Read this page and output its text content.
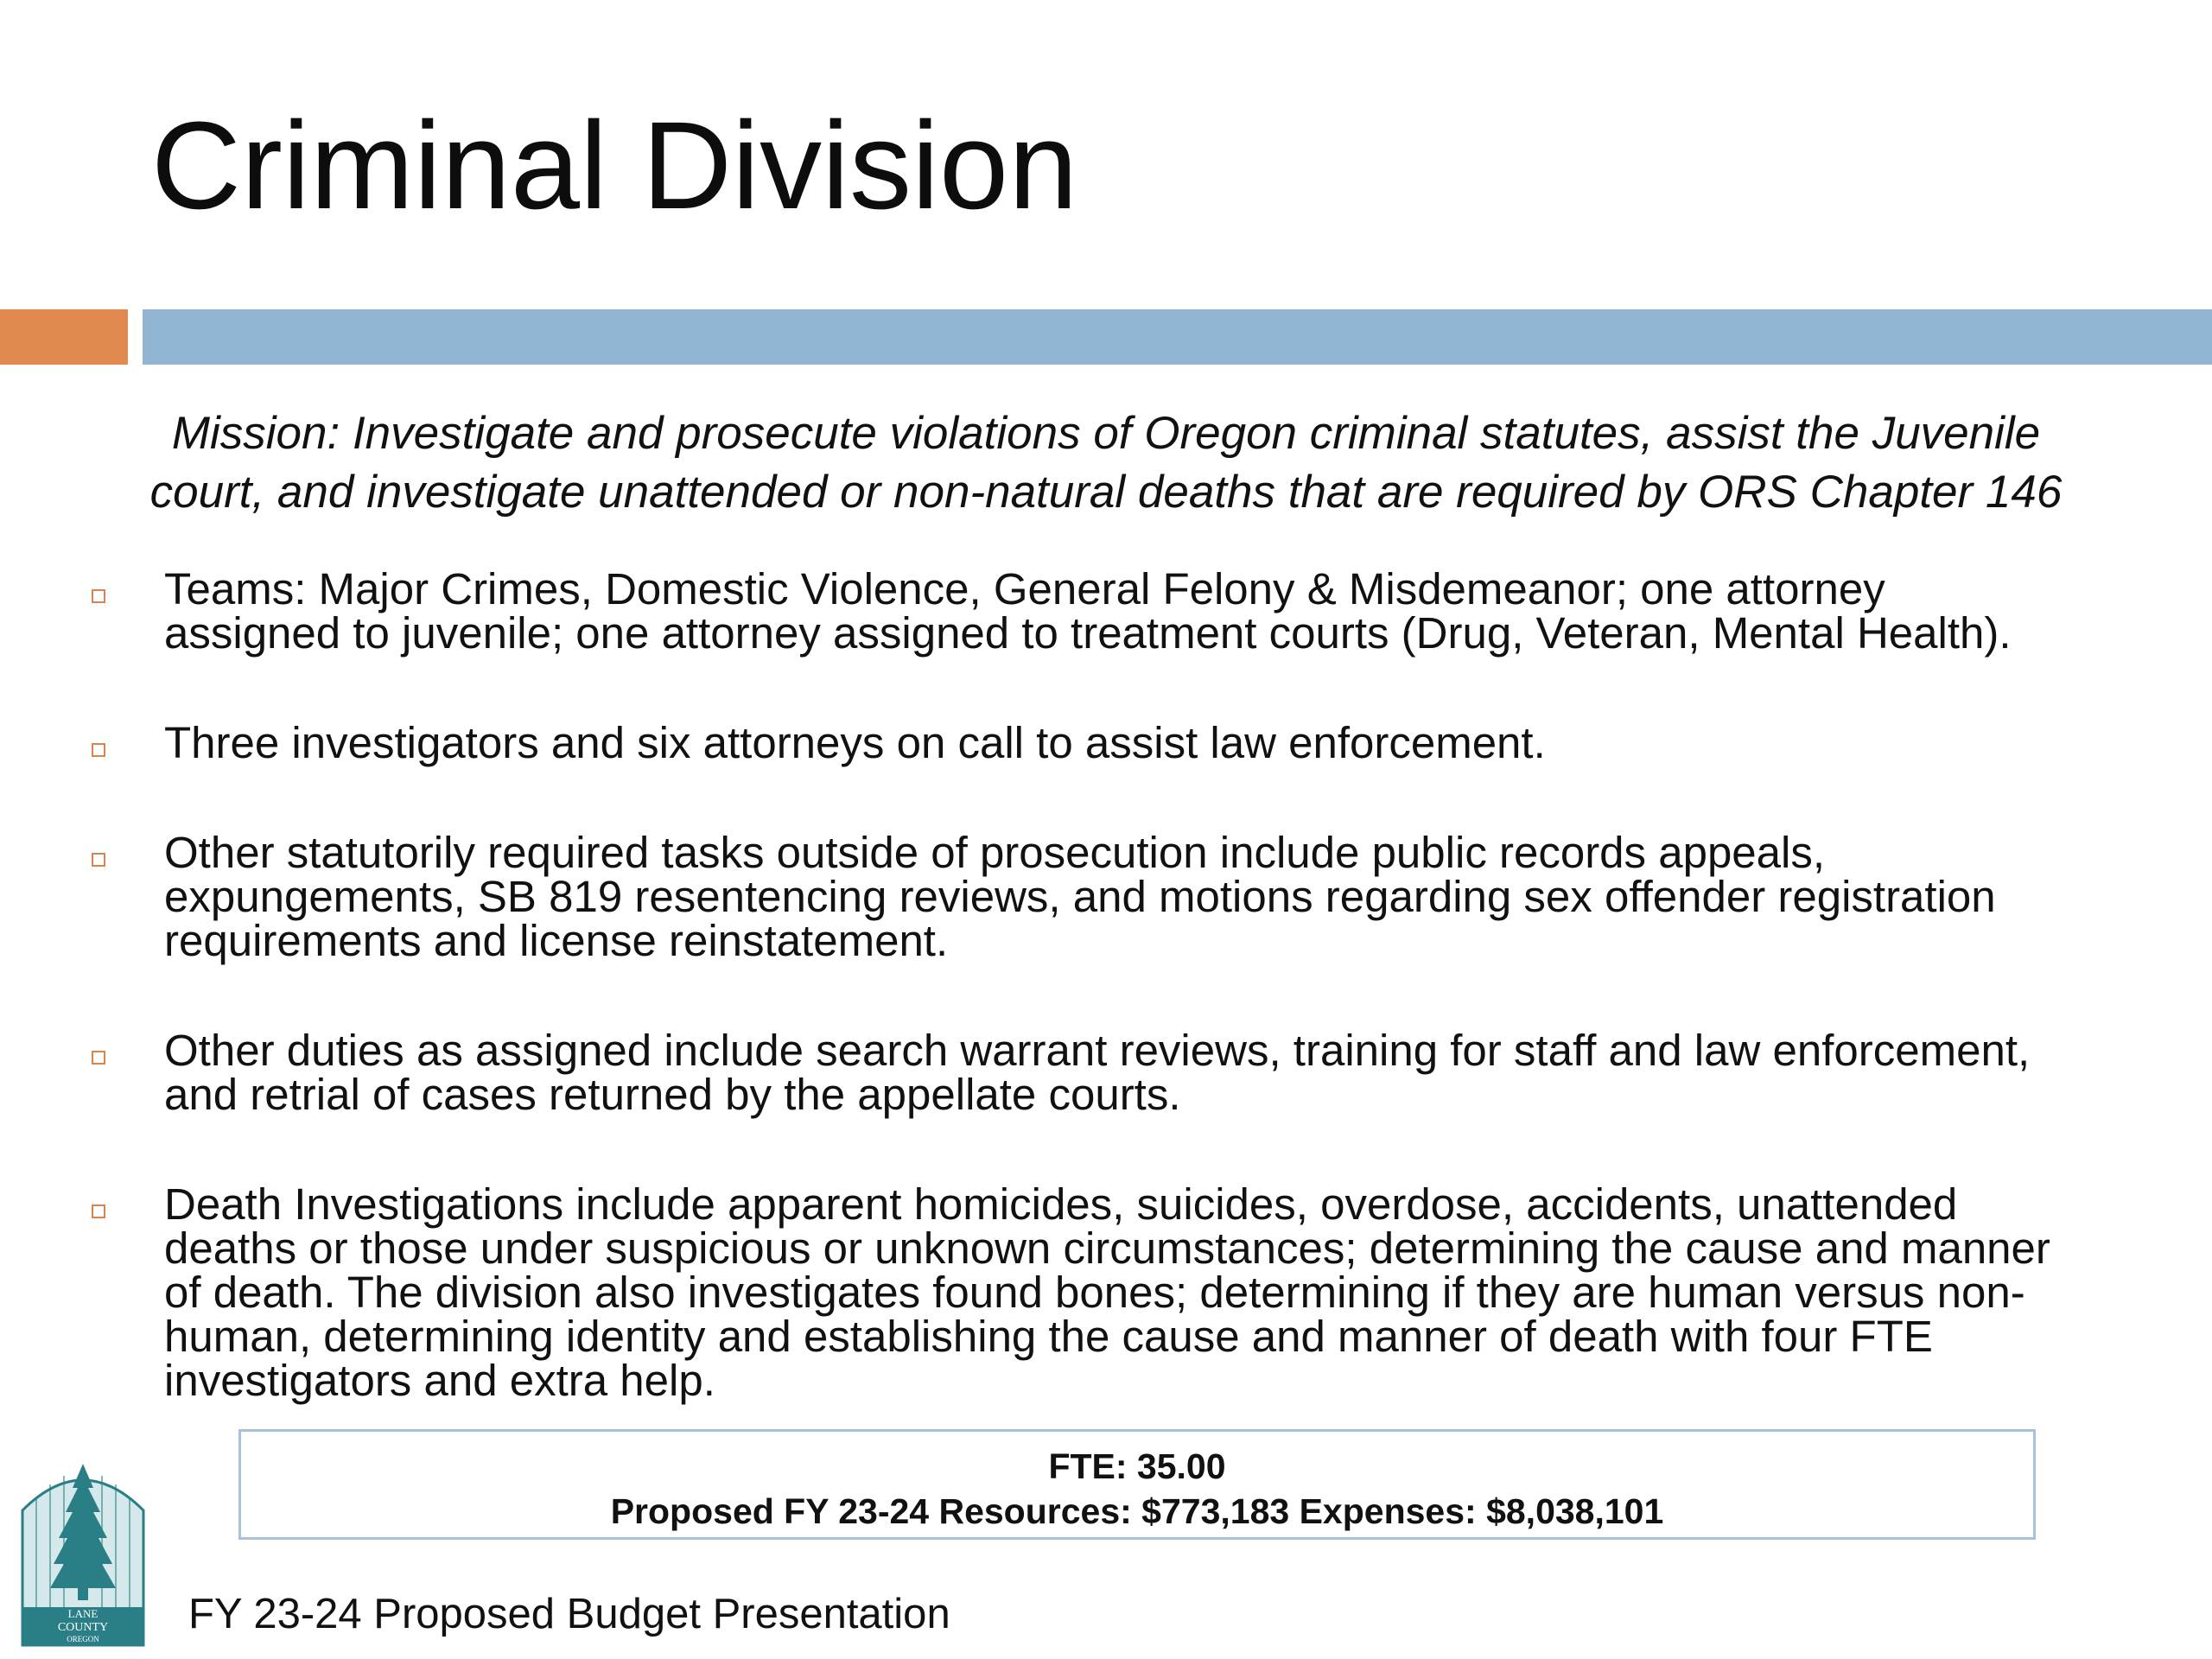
Criminal Division
Mission: Investigate and prosecute violations of Oregon criminal statutes, assist the Juvenile
court, and investigate unattended or non-natural deaths that are required by ORS Chapter 146
Teams: Major Crimes, Domestic Violence, General Felony & Misdemeanor; one attorney
assigned to juvenile; one attorney assigned to treatment courts (Drug, Veteran, Mental Health).
Three investigators and six attorneys on call to assist law enforcement.
Other statutorily required tasks outside of prosecution include public records appeals,
expungements, SB 819 resentencing reviews, and motions regarding sex offender registration
requirements and license reinstatement.
Other duties as assigned include search warrant reviews, training for staff and law enforcement,
and retrial of cases returned by the appellate courts.
Death Investigations include apparent homicides, suicides, overdose, accidents, unattended
deaths or those under suspicious or unknown circumstances; determining the cause and manner
of death. The division also investigates found bones; determining if they are human versus non-
human, determining identity and establishing the cause and manner of death with four FTE
investigators and extra help.
FTE: 35.00
Proposed FY 23-24 Resources: $773,183 Expenses: $8,038,101
LANE
COUNTY
OREGON
FY 23-24 Proposed Budget Presentation
